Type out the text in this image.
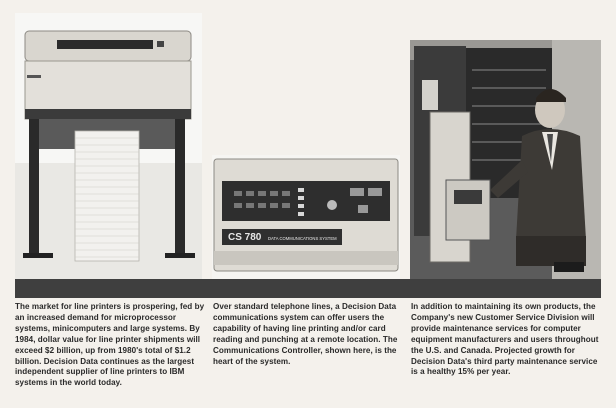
CS 780 DATA COMMUNICATIONS SYSTEM

The market for line printers is prospering, fed by an increased demand for microprocessor systems, minicomputers and large systems. By 1984, dollar value for line printer shipments will exceed $2 billion, up from 1980's total of $1.2 billion. Decision Data continues as the largest independent supplier of line printers to IBM systems in the world today.

Over standard telephone lines, a Decision Data communications system can offer users the capability of having line printing and/or card reading and punching at a remote location. The Communications Controller, shown here, is the heart of the system.

In addition to maintaining its own products, the Company's new Customer Service Division will provide maintenance services for computer equipment manufacturers and users throughout the U.S. and Canada. Projected growth for Decision Data's third party maintenance service is a healthy 15% per year.
